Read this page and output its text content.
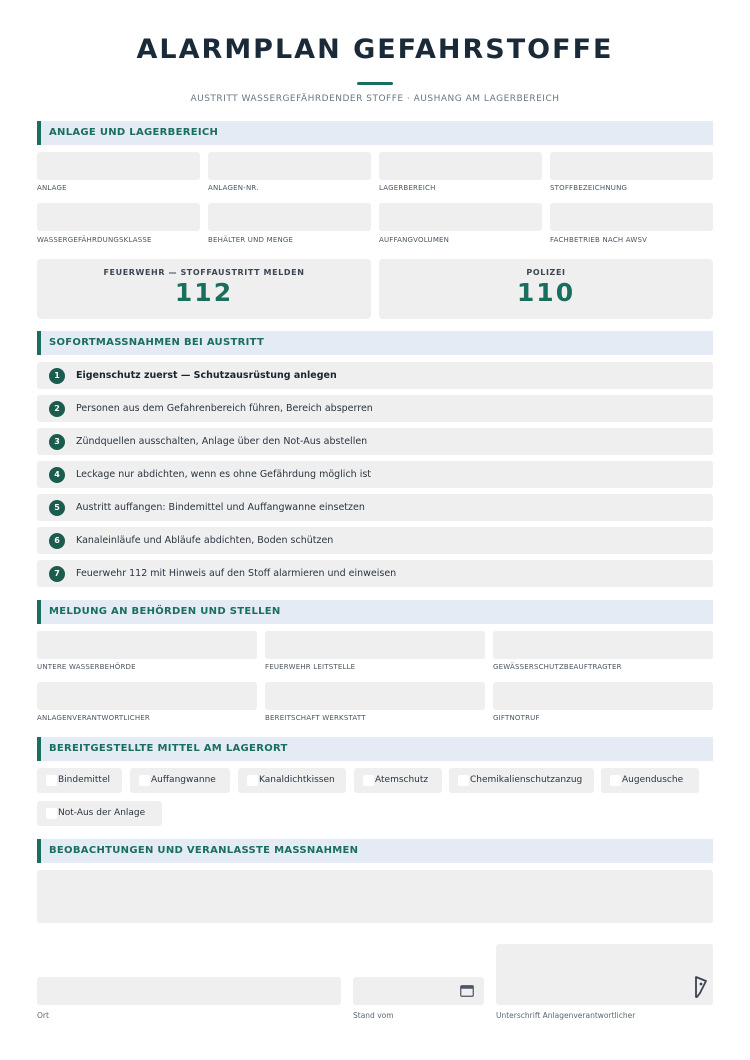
ALARMPLAN GEFAHRSTOFFE
AUSTRITT WASSERGEFÄHRDENDER STOFFE · AUSHANG AM LAGERBEREICH
ANLAGE UND LAGERBEREICH
ANLAGE	ANLAGEN-NR.	LAGERBEREICH	STOFFBEZEICHNUNG
WASSERGEFÄHRDUNGSKLASSE	BEHÄLTER UND MENGE	AUFFANGVOLUMEN	FACHBETRIEB NACH AWSV
FEUERWEHR — STOFFAUSTRITT MELDEN
112
POLIZEI
110
SOFORTMASSNAHMEN BEI AUSTRITT
1	Eigenschutz zuerst — Schutzausrüstung anlegen
2	Personen aus dem Gefahrenbereich führen, Bereich absperren
3	Zündquellen ausschalten, Anlage über den Not-Aus abstellen
4	Leckage nur abdichten, wenn es ohne Gefährdung möglich ist
5	Austritt auffangen: Bindemittel und Auffangwanne einsetzen
6	Kanaleinläufe und Abläufe abdichten, Boden schützen
7	Feuerwehr 112 mit Hinweis auf den Stoff alarmieren und einweisen
MELDUNG AN BEHÖRDEN UND STELLEN
UNTERE WASSERBEHÖRDE	FEUERWEHR LEITSTELLE	GEWÄSSERSCHUTZBEAUFTRAGTER
ANLAGENVERANTWORTLICHER	BEREITSCHAFT WERKSTATT	GIFTNOTRUF
BEREITGESTELLTE MITTEL AM LAGERORT
Bindemittel	Auffangwanne	Kanaldichtkissen	Atemschutz	Chemikalienschutzanzug	Augendusche
Not-Aus der Anlage
BEOBACHTUNGEN UND VERANLASSTE MASSNAHMEN
Ort	Stand vom	Unterschrift Anlagenverantwortlicher
